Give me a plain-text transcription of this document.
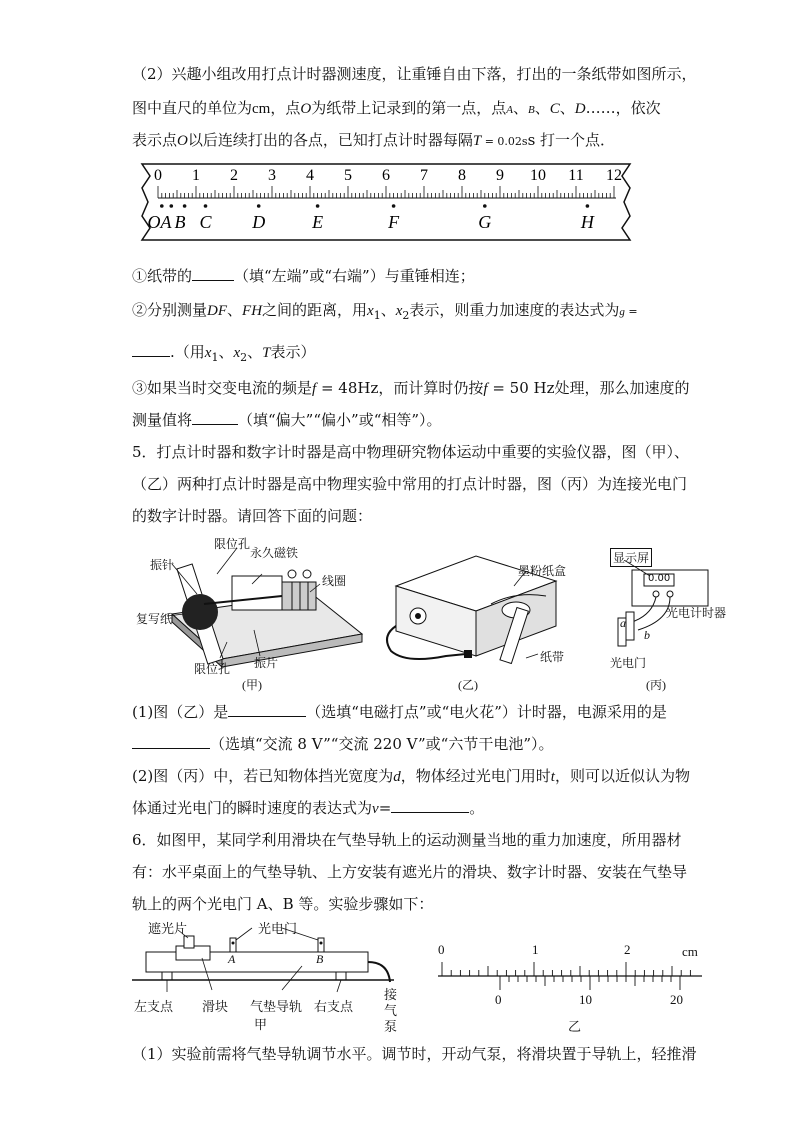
（2）兴趣小组改用打点计时器测速度，让重锤自由下落，打出的一条纸带如图所示，
图中直尺的单位为cm，点O为纸带上记录到的第一点，点A、B、C、D……，依次
表示点O以后连续打出的各点，已知打点计时器每隔T = 0.02ss 打一个点．
0 1 2 3 4 5 6 7 8 9 10 11 12
O A B C D	E	F	G	H
①纸带的	（填“左端”或“右端”）与重锤相连；
②分别测量DF、FH之间的距离，用$x_1$、$x_2$表示，则重力加速度的表达式为g =
.（用$x_1$、$x_2$、T表示）
③如果当时交变电流的频是f = 48Hz，而计算时仍按f = 50 Hz处理，那么加速度的
测量值将	（填“偏大”“偏小”或“相等”）。
5．打点计时器和数字计时器是高中物理研究物体运动中重要的实验仪器，图（甲）、
（乙）两种打点计时器是高中物理实验中常用的打点计时器，图（丙）为连接光电门
的数字计时器。请回答下面的问题：
限位孔
振针
永久磁铁
线圈
复写纸
限位孔 振片
(甲)
墨粉纸盒
纸带
(乙)
显示屏
0.00
光电计时器
a
b
光电门
(丙)
(1)图（乙）是	（选填“电磁打点”或“电火花”）计时器，电源采用的是
（选填“交流 8 V”“交流 220 V”或“六节干电池”）。
(2)图（丙）中，若已知物体挡光宽度为d，物体经过光电门用时t，则可以近似认为物
体通过光电门的瞬时速度的表达式为v=	。
6．如图甲，某同学利用滑块在气垫导轨上的运动测量当地的重力加速度，所用器材
有：水平桌面上的气垫导轨、上方安装有遮光片的滑块、数字计时器、安装在气垫导
轨上的两个光电门 A、B 等。实验步骤如下：
遮光片	光电门
A	B
左支点 滑块 气垫导轨 右支点
接
气
泵
甲
0	1	2	cm
0	10	20
乙
（1）实验前需将气垫导轨调节水平。调节时，开动气泵，将滑块置于导轨上，轻推滑
